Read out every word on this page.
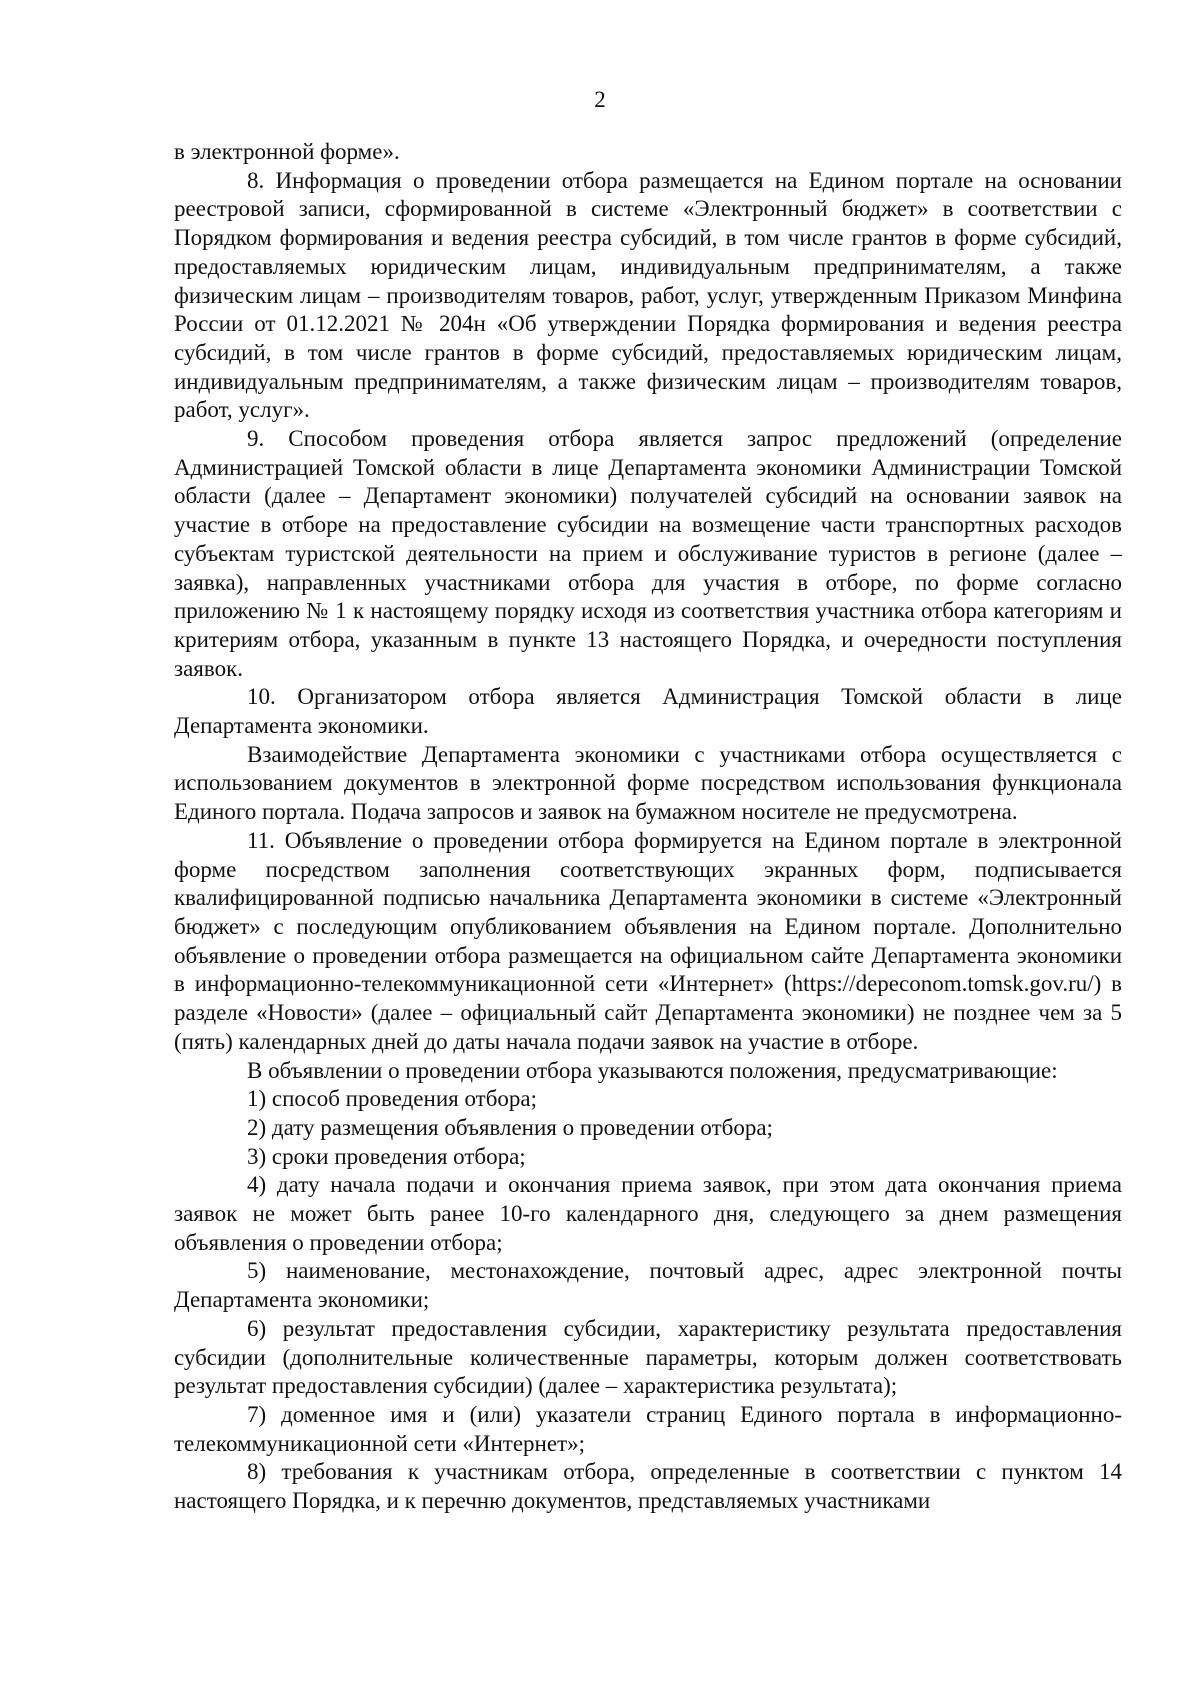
2

в электронной форме».

8. Информация о проведении отбора размещается на Едином портале на основании реестровой записи, сформированной в системе «Электронный бюджет» в соответствии с Порядком формирования и ведения реестра субсидий, в том числе грантов в форме субсидий, предоставляемых юридическим лицам, индивидуальным предпринимателям, а также физическим лицам – производителям товаров, работ, услуг, утвержденным Приказом Минфина России от 01.12.2021 № 204н «Об утверждении Порядка формирования и ведения реестра субсидий, в том числе грантов в форме субсидий, предоставляемых юридическим лицам, индивидуальным предпринимателям, а также физическим лицам – производителям товаров, работ, услуг».

9. Способом проведения отбора является запрос предложений (определение Администрацией Томской области в лице Департамента экономики Администрации Томской области (далее – Департамент экономики) получателей субсидий на основании заявок на участие в отборе на предоставление субсидии на возмещение части транспортных расходов субъектам туристской деятельности на прием и обслуживание туристов в регионе (далее – заявка), направленных участниками отбора для участия в отборе, по форме согласно приложению № 1 к настоящему порядку исходя из соответствия участника отбора категориям и критериям отбора, указанным в пункте 13 настоящего Порядка, и очередности поступления заявок.

10. Организатором отбора является Администрация Томской области в лице Департамента экономики.

Взаимодействие Департамента экономики с участниками отбора осуществляется с использованием документов в электронной форме посредством использования функционала Единого портала. Подача запросов и заявок на бумажном носителе не предусмотрена.

11. Объявление о проведении отбора формируется на Едином портале в электронной форме посредством заполнения соответствующих экранных форм, подписывается квалифицированной подписью начальника Департамента экономики в системе «Электронный бюджет» с последующим опубликованием объявления на Едином портале. Дополнительно объявление о проведении отбора размещается на официальном сайте Департамента экономики в информационно-телекоммуникационной сети «Интернет» (https://depeconom.tomsk.gov.ru/) в разделе «Новости» (далее – официальный сайт Департамента экономики) не позднее чем за 5 (пять) календарных дней до даты начала подачи заявок на участие в отборе.

В объявлении о проведении отбора указываются положения, предусматривающие:

1) способ проведения отбора;

2) дату размещения объявления о проведении отбора;

3) сроки проведения отбора;

4) дату начала подачи и окончания приема заявок, при этом дата окончания приема заявок не может быть ранее 10-го календарного дня, следующего за днем размещения объявления о проведении отбора;

5) наименование, местонахождение, почтовый адрес, адрес электронной почты Департамента экономики;

6) результат предоставления субсидии, характеристику результата предоставления субсидии (дополнительные количественные параметры, которым должен соответствовать результат предоставления субсидии) (далее – характеристика результата);

7) доменное имя и (или) указатели страниц Единого портала в информационно-телекоммуникационной сети «Интернет»;

8) требования к участникам отбора, определенные в соответствии с пунктом 14 настоящего Порядка, и к перечню документов, представляемых участниками
